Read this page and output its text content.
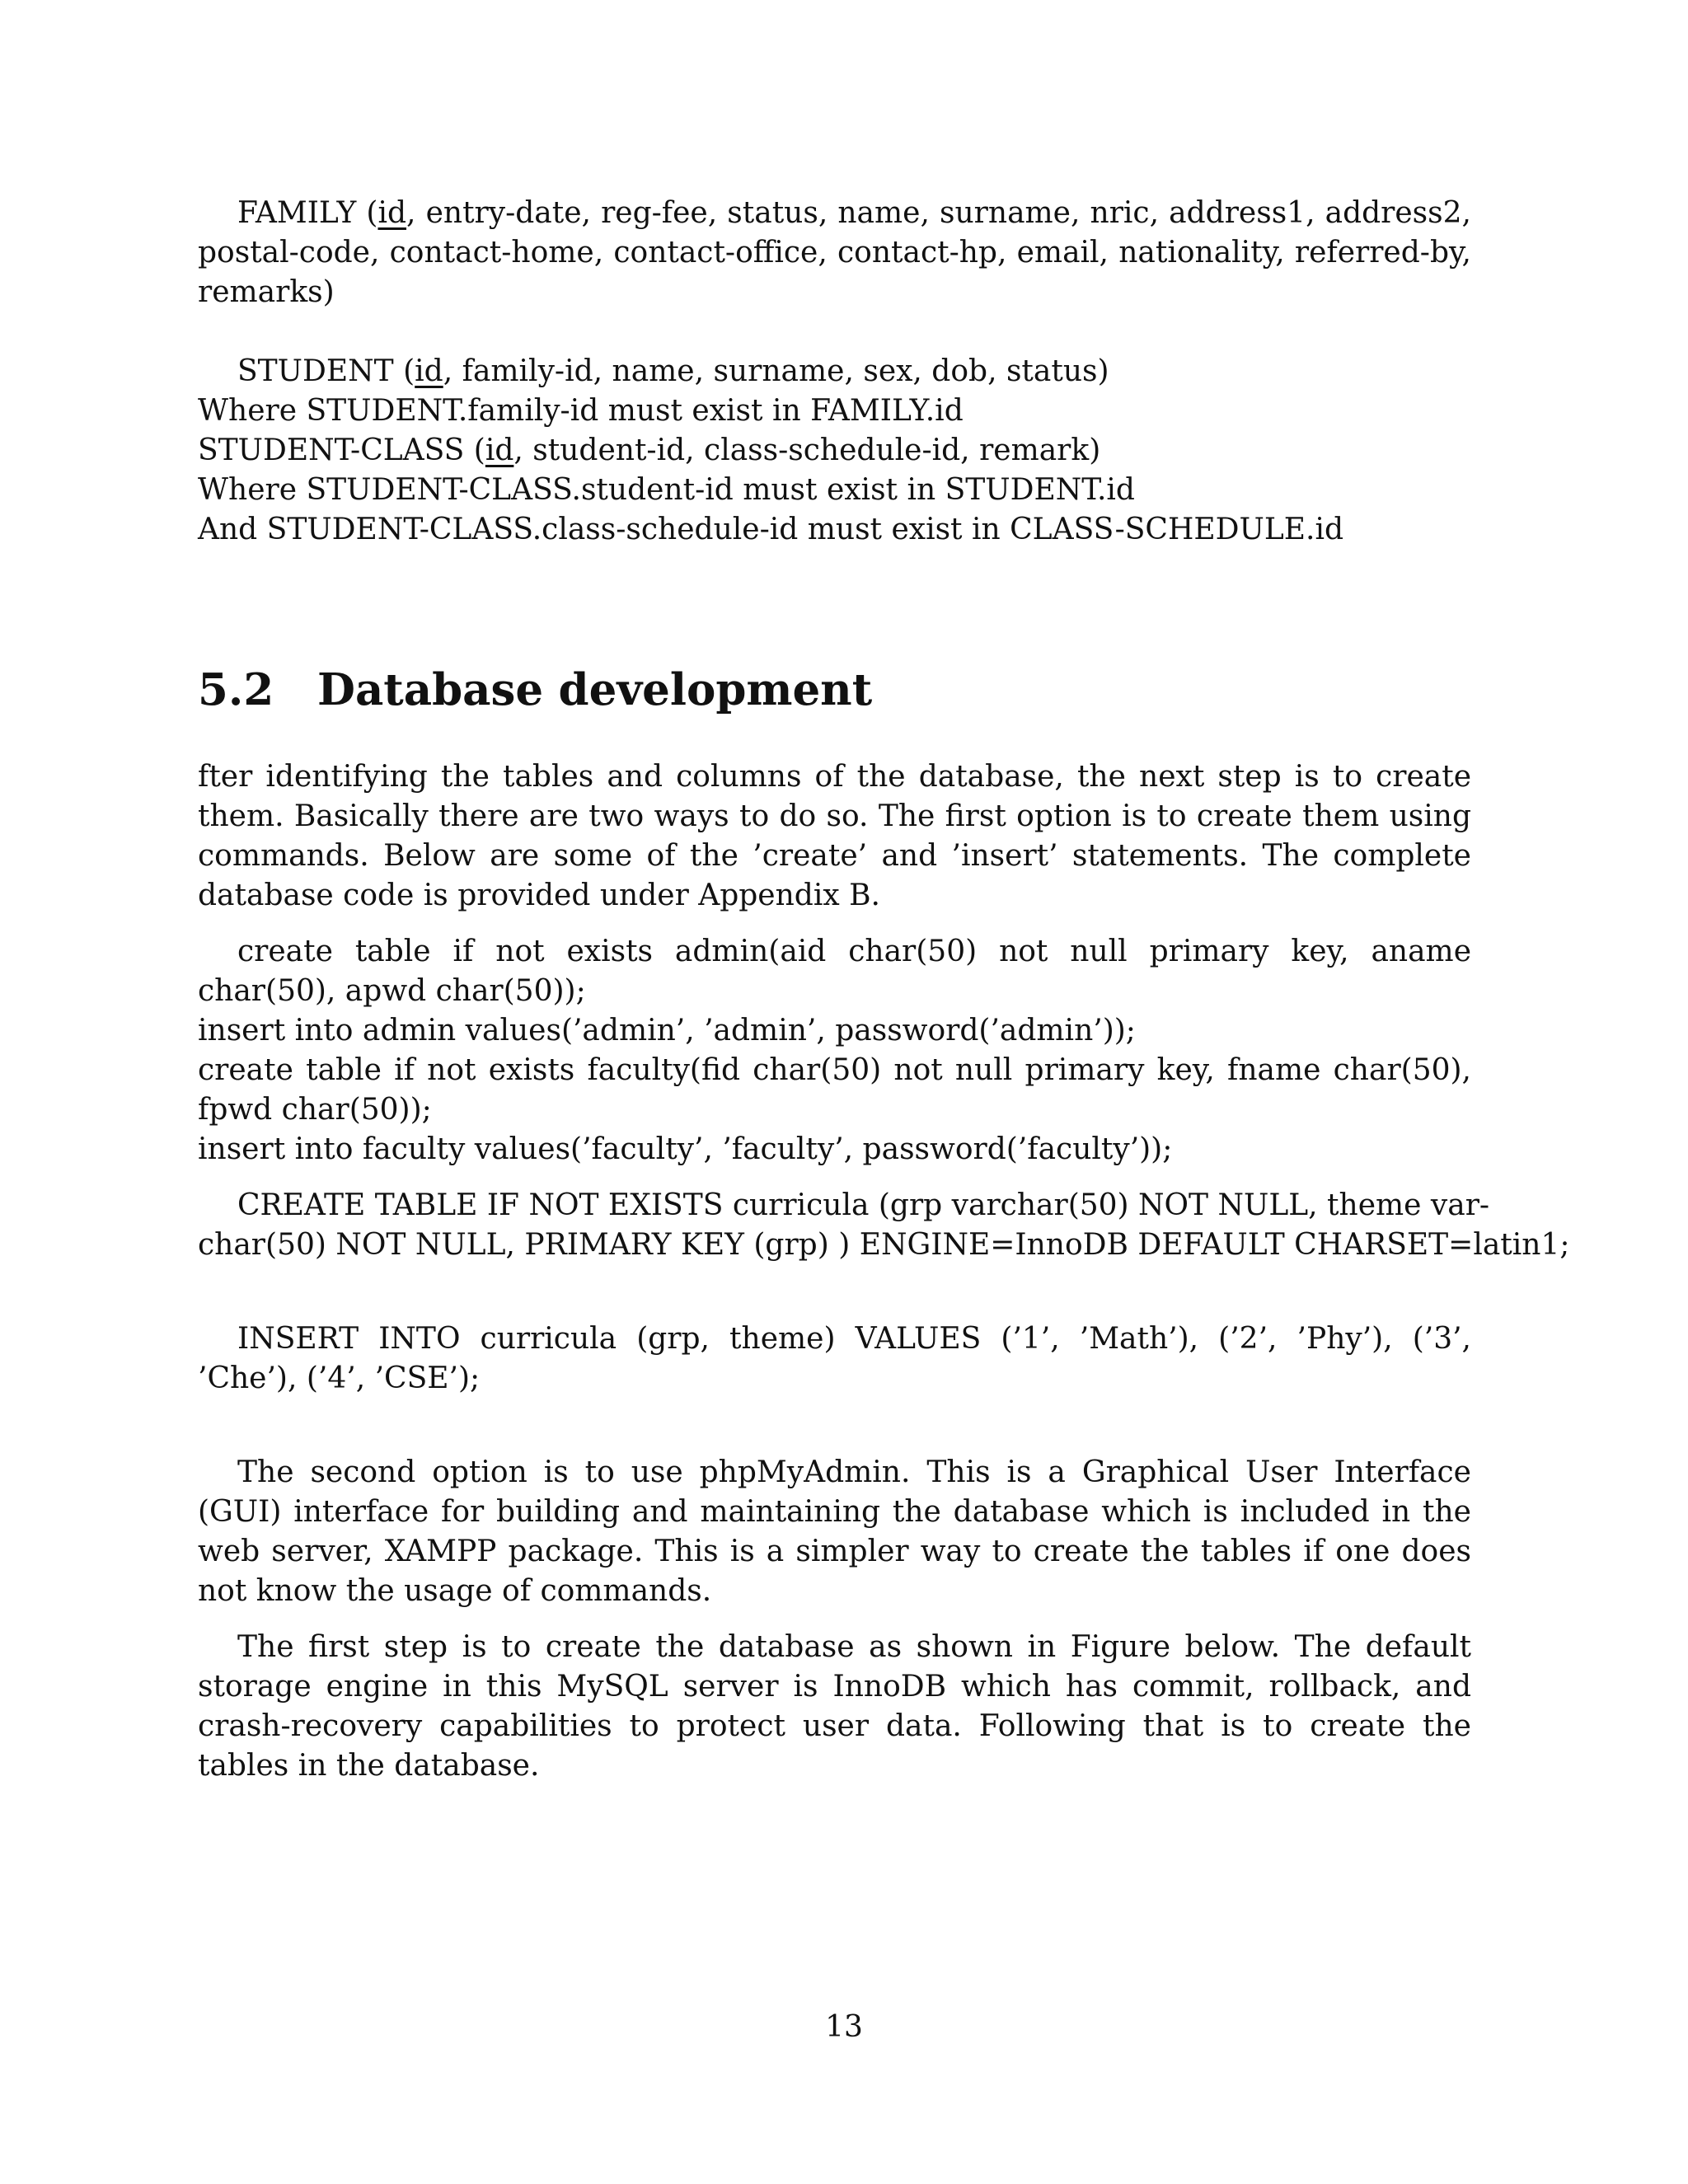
FAMILY (id, entry-date, reg-fee, status, name, surname, nric, address1, address2, postal-code, contact-home, contact-office, contact-hp, email, nationality, referred-by, remarks)

STUDENT (id, family-id, name, surname, sex, dob, status)

Where STUDENT.family-id must exist in FAMILY.id

STUDENT-CLASS (id, student-id, class-schedule-id, remark)

Where STUDENT-CLASS.student-id must exist in STUDENT.id

And STUDENT-CLASS.class-schedule-id must exist in CLASS-SCHEDULE.id

5.2 Database development

fter identifying the tables and columns of the database, the next step is to create them. Basically there are two ways to do so. The first option is to create them using commands. Below are some of the ’create’ and ’insert’ statements. The complete database code is provided under Appendix B.

create table if not exists admin(aid char(50) not null primary key, aname char(50), apwd char(50));

insert into admin values(’admin’, ’admin’, password(’admin’));

create table if not exists faculty(fid char(50) not null primary key, fname char(50), fpwd char(50));

insert into faculty values(’faculty’, ’faculty’, password(’faculty’));

CREATE TABLE IF NOT EXISTS curricula (grp varchar(50) NOT NULL, theme var-

char(50) NOT NULL, PRIMARY KEY (grp) ) ENGINE=InnoDB DEFAULT CHARSET=latin1;

INSERT INTO curricula (grp, theme) VALUES (’1’, ’Math’), (’2’, ’Phy’), (’3’, ’Che’), (’4’, ’CSE’);

The second option is to use phpMyAdmin. This is a Graphical User Interface (GUI) interface for building and maintaining the database which is included in the web server, XAMPP package. This is a simpler way to create the tables if one does not know the usage of commands.

The first step is to create the database as shown in Figure below. The default storage engine in this MySQL server is InnoDB which has commit, rollback, and crash-recovery capabilities to protect user data. Following that is to create the tables in the database.

13
